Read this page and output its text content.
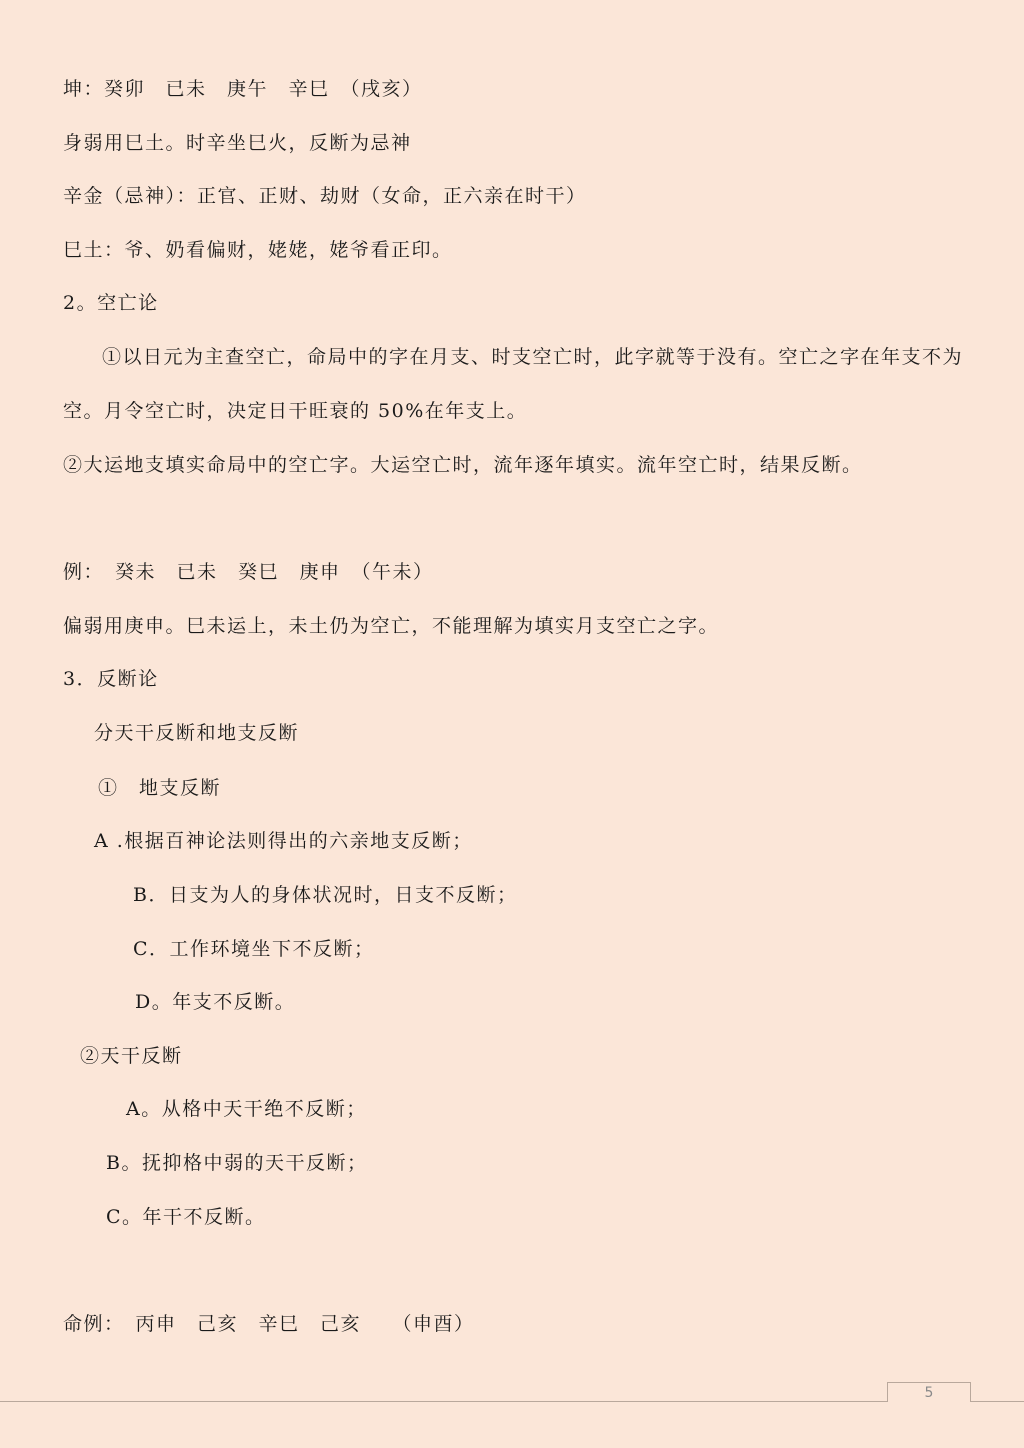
坤：癸卯　已未　庚午　辛巳　（戌亥）
身弱用巳土。时辛坐巳火，反断为忌神
辛金（忌神）：正官、正财、劫财（女命，正六亲在时干）
巳土：爷、奶看偏财，姥姥，姥爷看正印。
2。空亡论
①以日元为主查空亡，命局中的字在月支、时支空亡时，此字就等于没有。空亡之字在年支不为
空。月令空亡时，决定日干旺衰的 50%在年支上。
②大运地支填实命局中的空亡字。大运空亡时，流年逐年填实。流年空亡时，结果反断。
例：　癸未　已未　癸巳　庚申　（午未）
偏弱用庚申。巳未运上，未土仍为空亡，不能理解为填实月支空亡之字。
3．反断论
分天干反断和地支反断
①　地支反断
A .根据百神论法则得出的六亲地支反断；
B．日支为人的身体状况时，日支不反断；
C．工作环境坐下不反断；
D。年支不反断。
②天干反断
A。从格中天干绝不反断；
B。抚抑格中弱的天干反断；
C。年干不反断。
命例：　丙申　己亥　辛巳　己亥　　（申酉）
5
